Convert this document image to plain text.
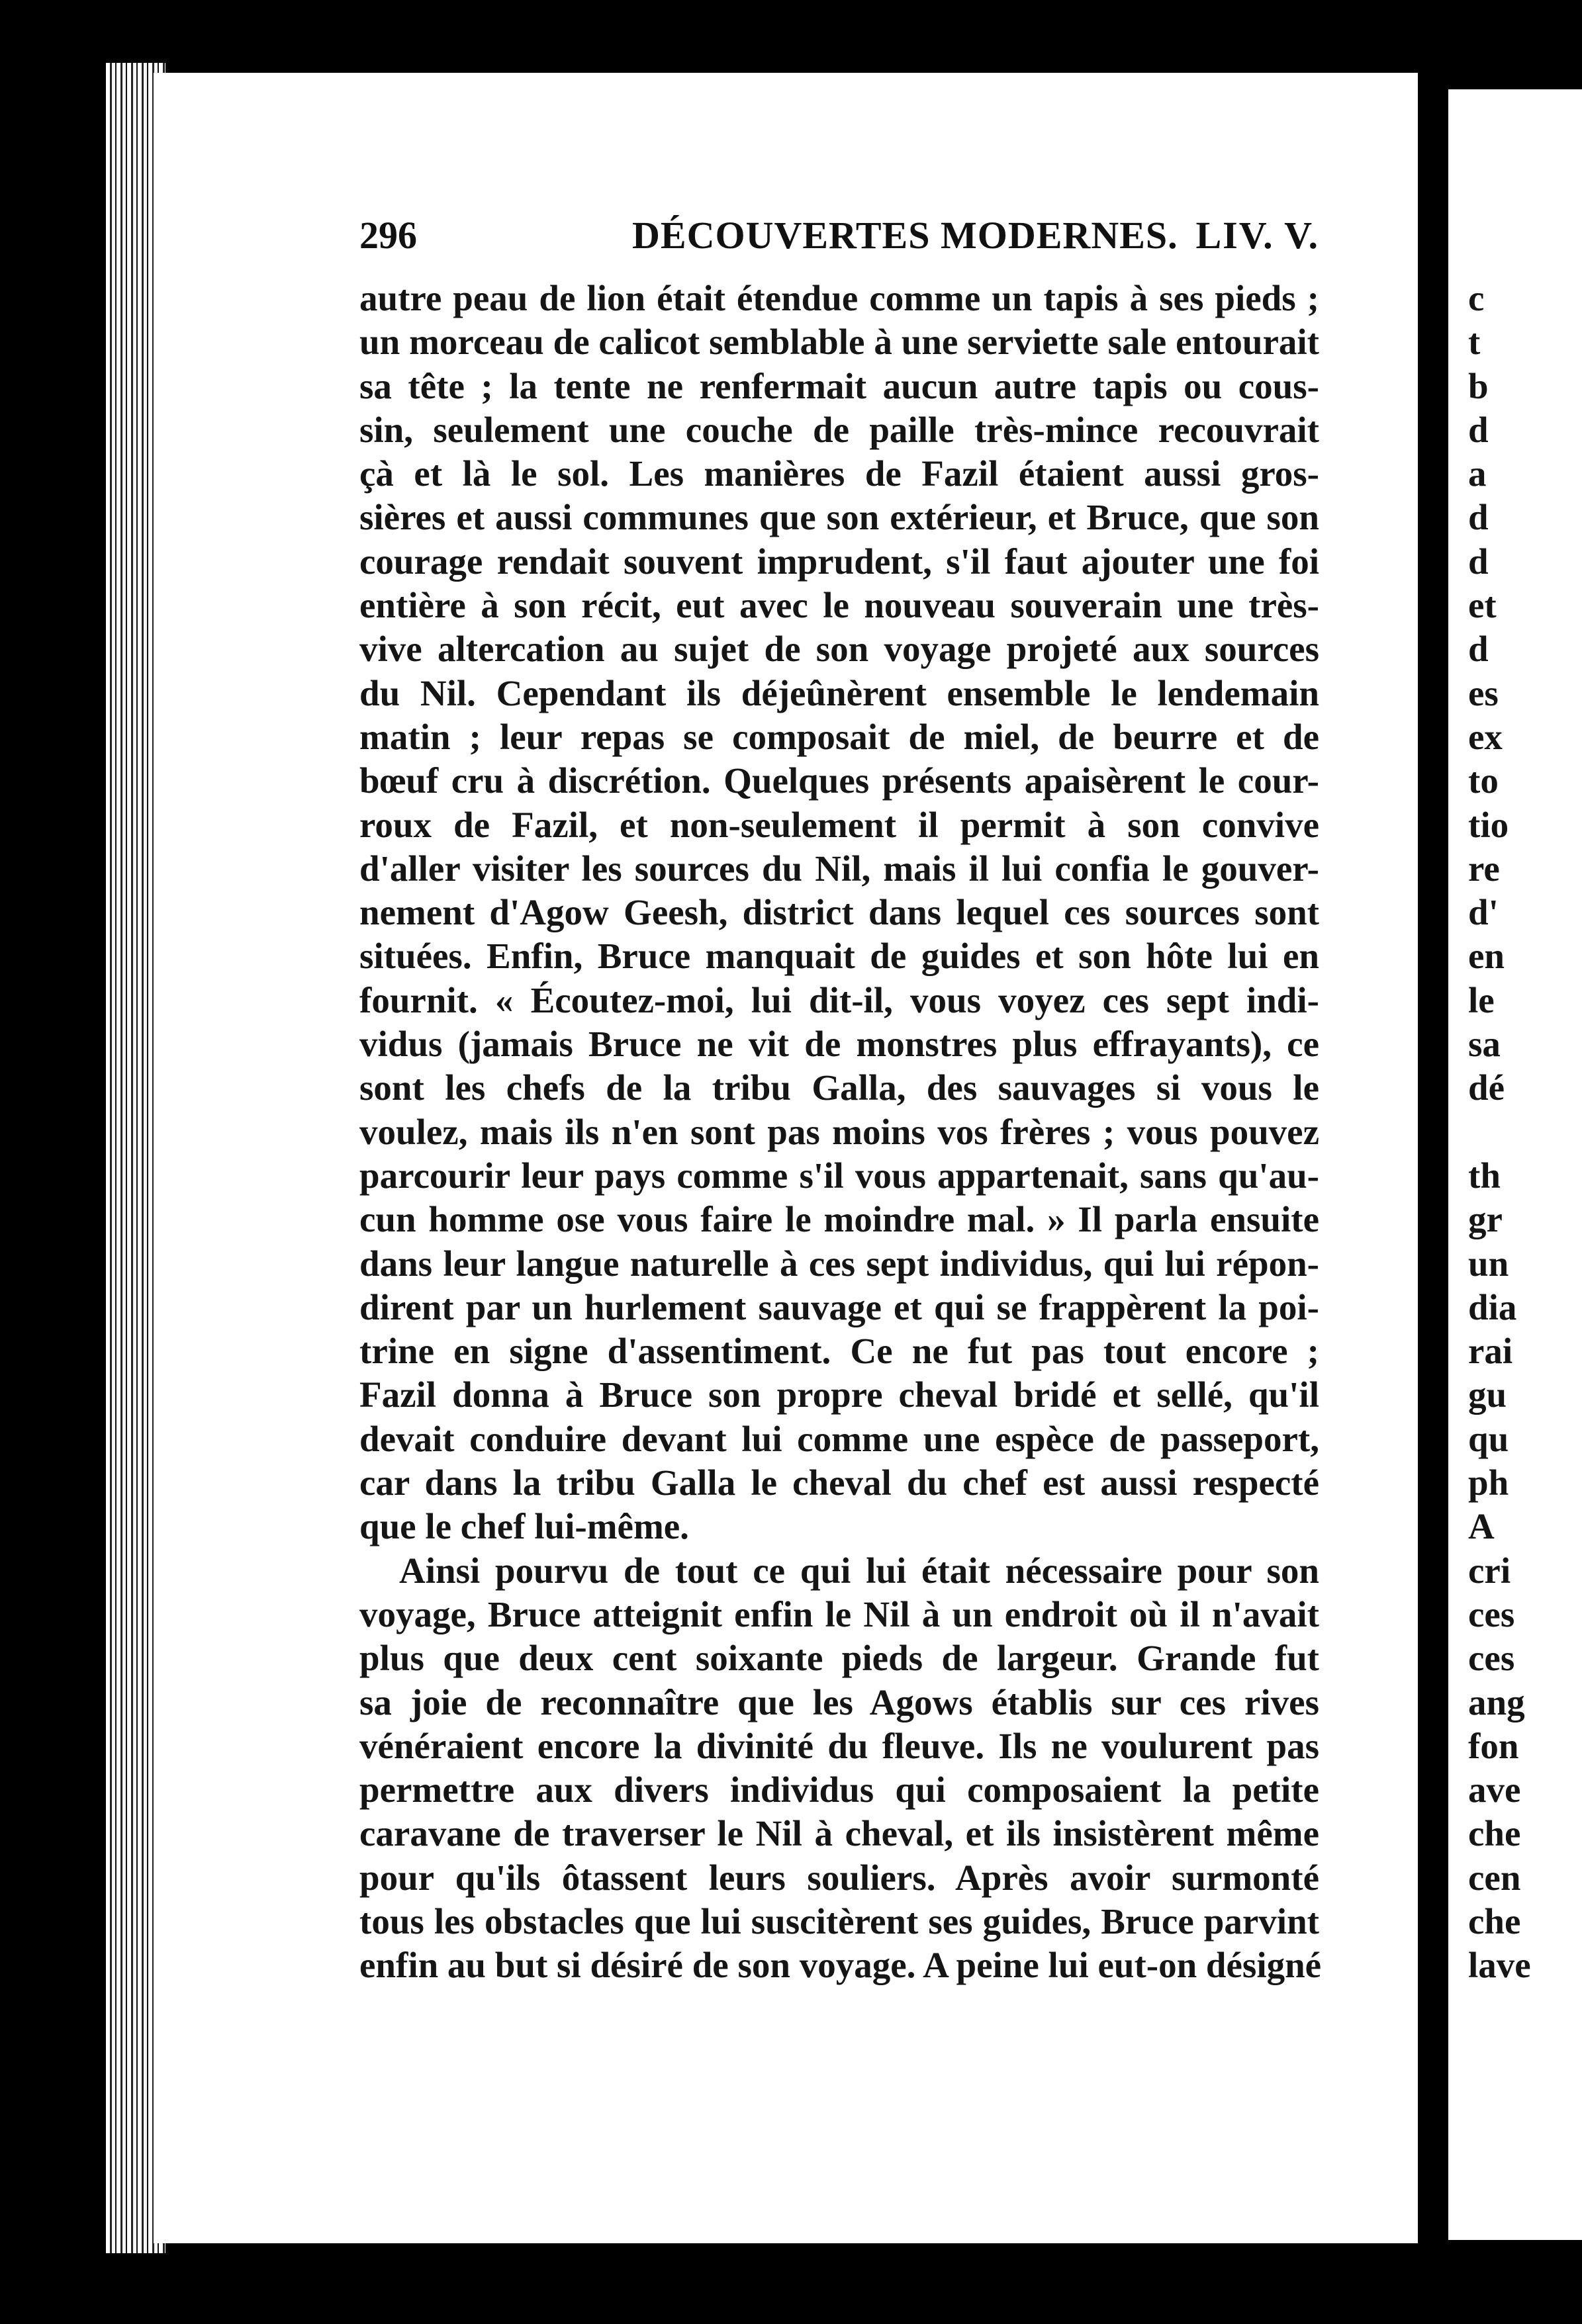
296	DÉCOUVERTES MODERNES. LIV. V.
autre peau de lion était étendue comme un tapis à ses pieds ;
un morceau de calicot semblable à une serviette sale entourait
sa tête ; la tente ne renfermait aucun autre tapis ou cous-
sin, seulement une couche de paille très-mince recouvrait
çà et là le sol. Les manières de Fazil étaient aussi gros-
sières et aussi communes que son extérieur, et Bruce, que son
courage rendait souvent imprudent, s'il faut ajouter une foi
entière à son récit, eut avec le nouveau souverain une très-
vive altercation au sujet de son voyage projeté aux sources
du Nil. Cependant ils déjeûnèrent ensemble le lendemain
matin ; leur repas se composait de miel, de beurre et de
bœuf cru à discrétion. Quelques présents apaisèrent le cour-
roux de Fazil, et non-seulement il permit à son convive
d'aller visiter les sources du Nil, mais il lui confia le gouver-
nement d'Agow Geesh, district dans lequel ces sources sont
situées. Enfin, Bruce manquait de guides et son hôte lui en
fournit. « Écoutez-moi, lui dit-il, vous voyez ces sept indi-
vidus (jamais Bruce ne vit de monstres plus effrayants), ce
sont les chefs de la tribu Galla, des sauvages si vous le
voulez, mais ils n'en sont pas moins vos frères ; vous pouvez
parcourir leur pays comme s'il vous appartenait, sans qu'au-
cun homme ose vous faire le moindre mal. » Il parla ensuite
dans leur langue naturelle à ces sept individus, qui lui répon-
dirent par un hurlement sauvage et qui se frappèrent la poi-
trine en signe d'assentiment. Ce ne fut pas tout encore ;
Fazil donna à Bruce son propre cheval bridé et sellé, qu'il
devait conduire devant lui comme une espèce de passeport,
car dans la tribu Galla le cheval du chef est aussi respecté
que le chef lui-même.
Ainsi pourvu de tout ce qui lui était nécessaire pour son
voyage, Bruce atteignit enfin le Nil à un endroit où il n'avait
plus que deux cent soixante pieds de largeur. Grande fut
sa joie de reconnaître que les Agows établis sur ces rives
vénéraient encore la divinité du fleuve. Ils ne voulurent pas
permettre aux divers individus qui composaient la petite
caravane de traverser le Nil à cheval, et ils insistèrent même
pour qu'ils ôtassent leurs souliers. Après avoir surmonté
tous les obstacles que lui suscitèrent ses guides, Bruce parvint
enfin au but si désiré de son voyage. A peine lui eut-on désigné
c
t
b
d
a
d
d
et
d
es
ex
to
tio
re
d'
en
le
sa
dé
th
gr
un
dia
rai
gu
qu
ph
A
cri
ces
ces
ang
fon
ave
che
cen
che
lave
